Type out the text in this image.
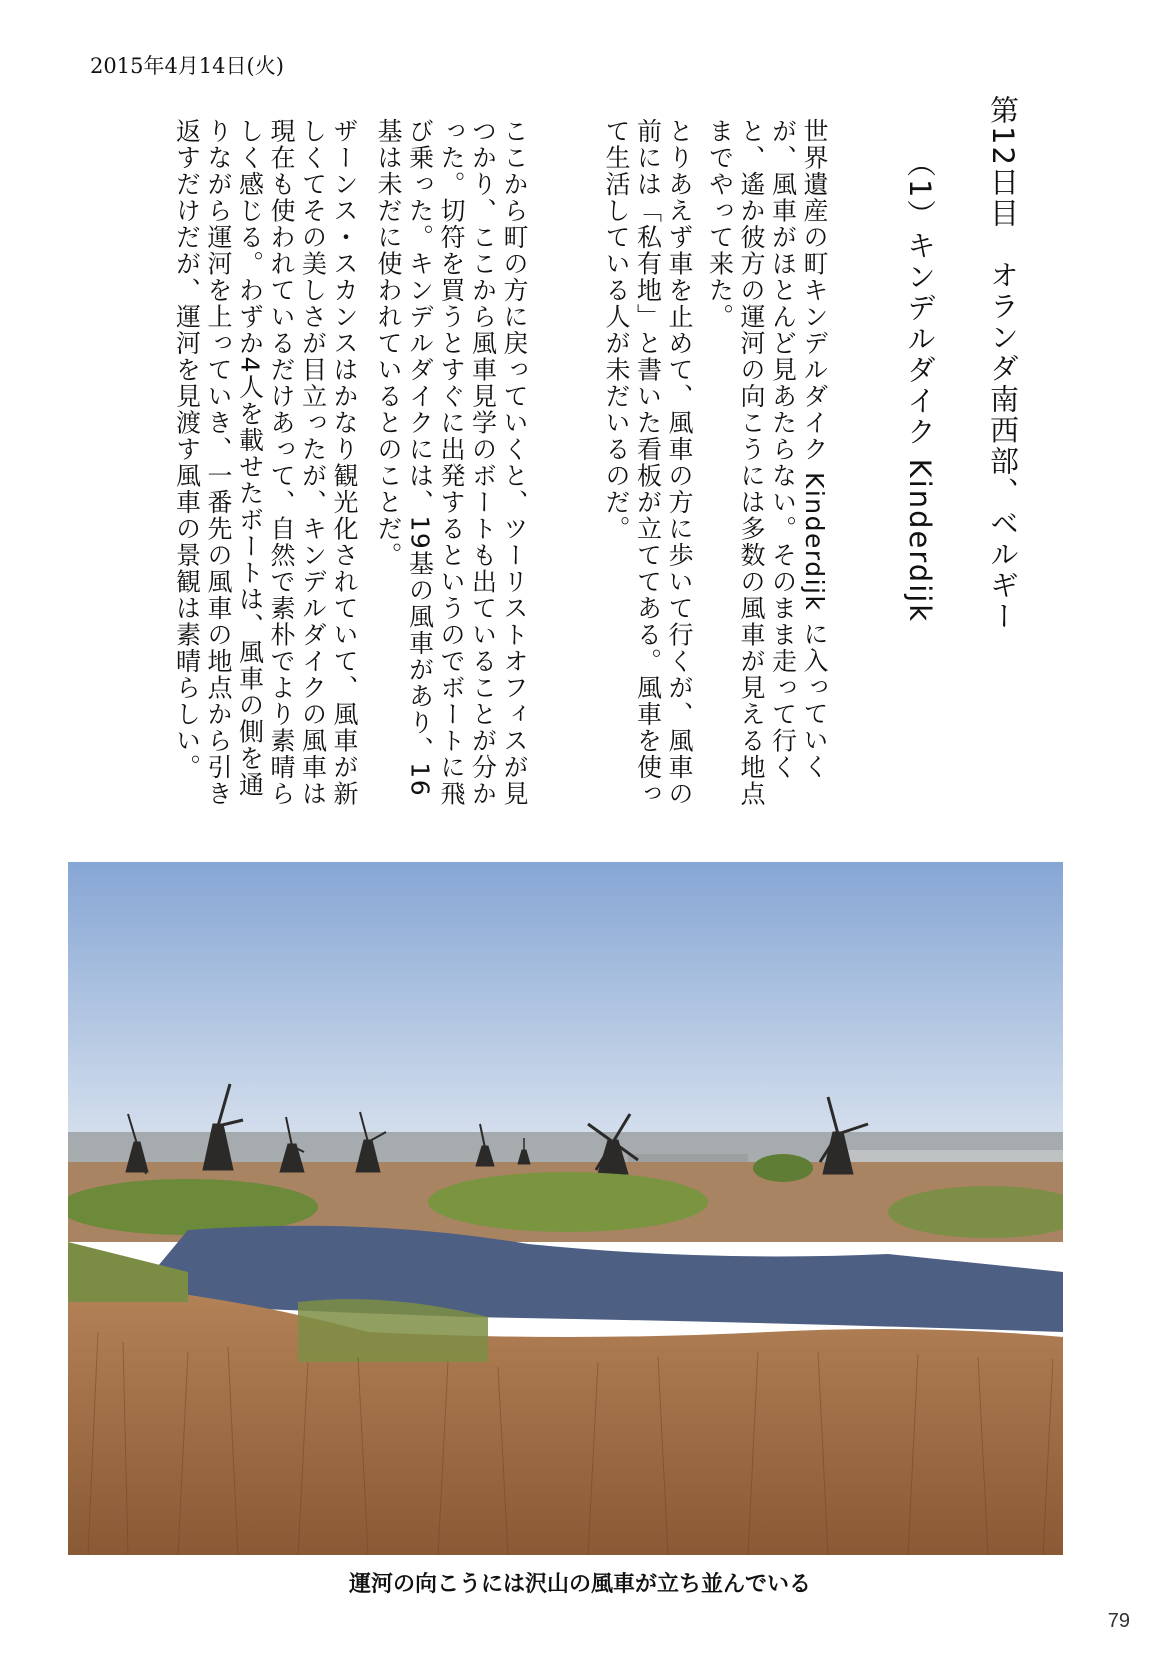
2015年4月14日(火)
第12日目　オランダ南西部、ベルギー
（1）キンデルダイク Kinderdijk
世界遺産の町キンデルダイク Kinderdijk に入っていくが、風車がほとんど見あたらない。そのまま走って行くと、遙か彼方の運河の向こうには多数の風車が見える地点までやって来た。
とりあえず車を止めて、風車の方に歩いて行くが、風車の前には「私有地」と書いた看板が立ててある。風車を使って生活している人が未だいるのだ。
ここから町の方に戻っていくと、ツーリストオフィスが見つかり、ここから風車見学のボートも出ていることが分かった。切符を買うとすぐに出発するというのでボートに飛び乗った。キンデルダイクには、19基の風車があり、16基は未だに使われているとのことだ。
ザーンス・スカンスはかなり観光化されていて、風車が新しくてその美しさが目立ったが、キンデルダイクの風車は現在も使われているだけあって、自然で素朴でより素晴らしく感じる。わずか4人を載せたボートは、風車の側を通りながら運河を上っていき、一番先の風車の地点から引き返すだけだが、運河を見渡す風車の景観は素晴らしい。
運河の向こうには沢山の風車が立ち並んでいる
79
